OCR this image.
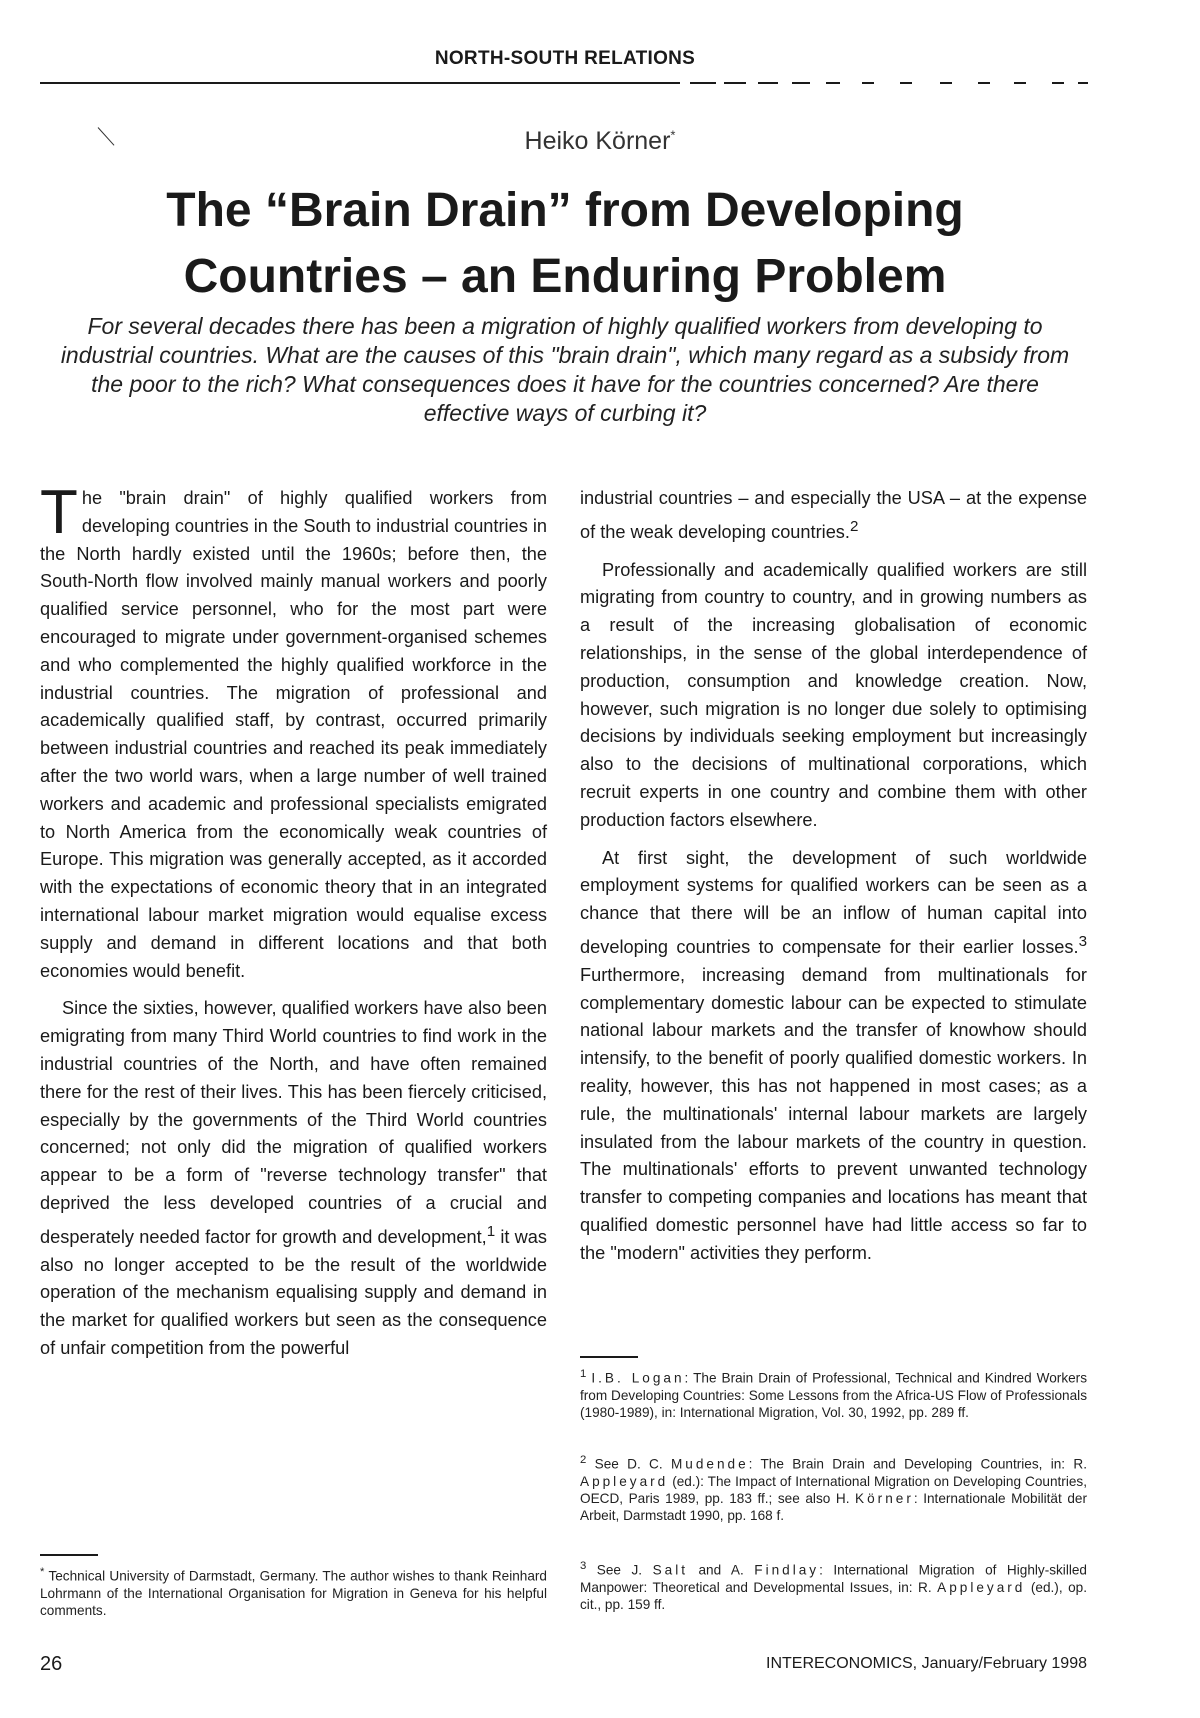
NORTH-SOUTH RELATIONS
Heiko Körner*
The “Brain Drain” from Developing
Countries – an Enduring Problem

For several decades there has been a migration of highly qualified workers from developing to industrial countries. What are the causes of this "brain drain", which many regard as a subsidy from the poor to the rich? What consequences does it have for the countries concerned? Are there effective ways of curbing it?

The "brain drain" of highly qualified workers from developing countries in the South to industrial countries in the North hardly existed until the 1960s; before then, the South-North flow involved mainly manual workers and poorly qualified service personnel, who for the most part were encouraged to migrate under government-organised schemes and who complemented the highly qualified workforce in the industrial countries. The migration of professional and academically qualified staff, by contrast, occurred primarily between industrial countries and reached its peak immediately after the two world wars, when a large number of well trained workers and academic and professional specialists emigrated to North America from the economically weak countries of Europe. This migration was generally accepted, as it accorded with the expectations of economic theory that in an integrated international labour market migration would equalise excess supply and demand in different locations and that both economies would benefit.

Since the sixties, however, qualified workers have also been emigrating from many Third World countries to find work in the industrial countries of the North, and have often remained there for the rest of their lives. This has been fiercely criticised, especially by the governments of the Third World countries concerned; not only did the migration of qualified workers appear to be a form of "reverse technology transfer" that deprived the less developed countries of a crucial and desperately needed factor for growth and development,$^1$ it was also no longer accepted to be the result of the worldwide operation of the mechanism equalising supply and demand in the market for qualified workers but seen as the consequence of unfair competition from the powerful

industrial countries – and especially the USA – at the expense of the weak developing countries.$^2$

Professionally and academically qualified workers are still migrating from country to country, and in growing numbers as a result of the increasing globalisation of economic relationships, in the sense of the global interdependence of production, consumption and knowledge creation. Now, however, such migration is no longer due solely to optimising decisions by individuals seeking employment but increasingly also to the decisions of multinational corporations, which recruit experts in one country and combine them with other production factors elsewhere.

At first sight, the development of such worldwide employment systems for qualified workers can be seen as a chance that there will be an inflow of human capital into developing countries to compensate for their earlier losses.$^3$ Furthermore, increasing demand from multinationals for complementary domestic labour can be expected to stimulate national labour markets and the transfer of knowhow should intensify, to the benefit of poorly qualified domestic workers. In reality, however, this has not happened in most cases; as a rule, the multinationals' internal labour markets are largely insulated from the labour markets of the country in question. The multinationals' efforts to prevent unwanted technology transfer to competing companies and locations has meant that qualified domestic personnel have had little access so far to the "modern" activities they perform.

* Technical University of Darmstadt, Germany. The author wishes to thank Reinhard Lohrmann of the International Organisation for Migration in Geneva for his helpful comments.

$^1$ I.B. Logan: The Brain Drain of Professional, Technical and Kindred Workers from Developing Countries: Some Lessons from the Africa-US Flow of Professionals (1980-1989), in: International Migration, Vol. 30, 1992, pp. 289 ff.

$^2$ See D. C. Mudende: The Brain Drain and Developing Countries, in: R. Appleyard (ed.): The Impact of International Migration on Developing Countries, OECD, Paris 1989, pp. 183 ff.; see also H. Körner: Internationale Mobilität der Arbeit, Darmstadt 1990, pp. 168 f.

$^3$ See J. Salt and A. Findlay: International Migration of Highly-skilled Manpower: Theoretical and Developmental Issues, in: R. Appleyard (ed.), op. cit., pp. 159 ff.

26	INTERECONOMICS, January/February 1998
